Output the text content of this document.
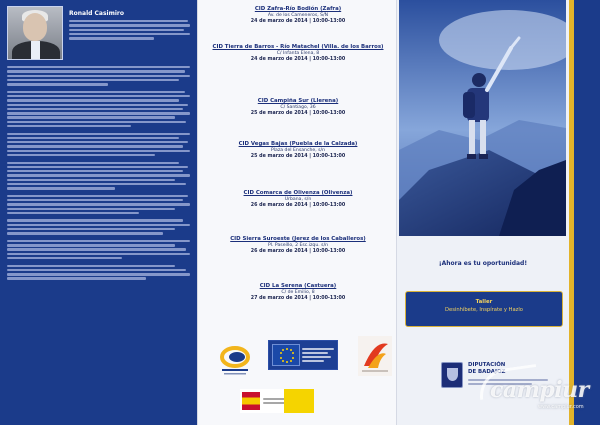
Ronald Casimiro
CID Zafra-Río Bodión (Zafra)
Av. de los Cameneros, S/N
24 de marzo de 2014 | 10:00-13:00
CID Tierra de Barros - Río Matachel (Villa. de los Barros)
C/ Infanta Elena, 8
24 de marzo de 2014 | 10:00-13:00
CID Campiña Sur (Llerena)
C/ Santiago, 36
25 de marzo de 2014 | 10:00-13:00
CID Vegas Bajas (Puebla de la Calzada)
Plaza del Ensanche, s/n
25 de marzo de 2014 | 10:00-13:00
CID Comarca de Olivenza (Olivenza)
Urbana, s/n
26 de marzo de 2014 | 10:00-13:00
CID Sierra Suroeste (Jerez de los Caballeros)
Pl. Paseíllo, 2 Esc.izqu. s/n
26 de marzo de 2014 | 10:00-13:00
CID La Serena (Castuera)
C/ de Emilio, 8
27 de marzo de 2014 | 10:00-13:00
¡Ahora es tu oportunidad!
Taller
Desinhíbete, Inspírate y Hazlo
DIPUTACIÓN
DE BADAJOZ
campiur
www.campiur.com
